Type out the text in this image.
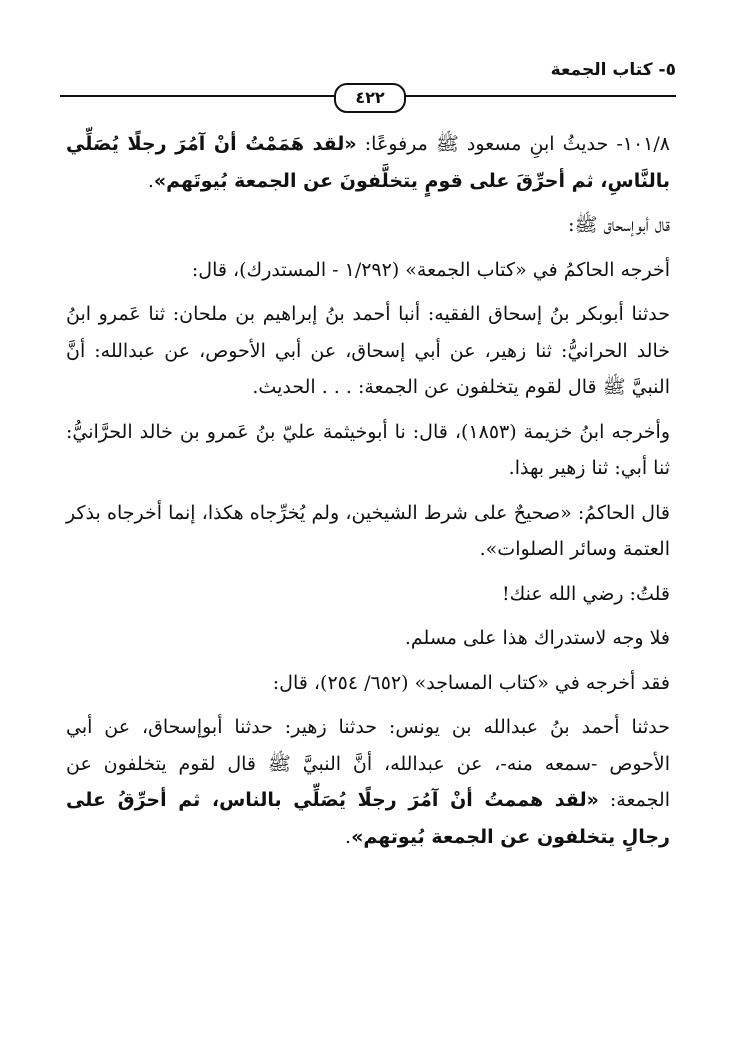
٥- كتاب الجمعة
٤٢٢

١٠١/٨- حديثُ ابنِ مسعود ﷺ مرفوعًا: «لقد هَمَمْتُ أنْ آمُرَ رجلًا يُصَلِّي بالنَّاسِ، ثم أحرِّقَ على قومٍ يتخلَّفونَ عن الجمعة بُيوتَهم».

قال أبوإسحاق ﷺ:

أخرجه الحاكمُ في «كتاب الجمعة» (١/٢٩٢ - المستدرك)، قال:

حدثنا أبوبكر بنُ إسحاق الفقيه: أنبا أحمد بنُ إبراهيم بن ملحان: ثنا عَمرو ابنُ خالد الحرانيُّ: ثنا زهير، عن أبي إسحاق، عن أبي الأحوص، عن عبدالله: أنَّ النبيَّ ﷺ قال لقوم يتخلفون عن الجمعة: . . . الحديث.

وأخرجه ابنُ خزيمة (١٨٥٣)، قال: نا أبوخيثمة عليّ بنُ عَمرو بن خالد الحرَّانيُّ: ثنا أبي: ثنا زهير بهذا.

قال الحاكمُ: «صحيحٌ على شرط الشيخين، ولم يُخرِّجاه هكذا، إنما أخرجاه بذكر العتمة وسائر الصلوات».

قلتُ: رضي الله عنك!

فلا وجه لاستدراك هذا على مسلم.

فقد أخرجه في «كتاب المساجد» (٦٥٢/ ٢٥٤)، قال:

حدثنا أحمد بنُ عبدالله بن يونس: حدثنا زهير: حدثنا أبوإسحاق، عن أبي الأحوص -سمعه منه-، عن عبدالله، أنَّ النبيَّ ﷺ قال لقوم يتخلفون عن الجمعة: «لقد هممتُ أنْ آمُرَ رجلًا يُصَلِّي بالناس، ثم أحرِّقُ على رجالٍ يتخلفون عن الجمعة بُيوتهم».
